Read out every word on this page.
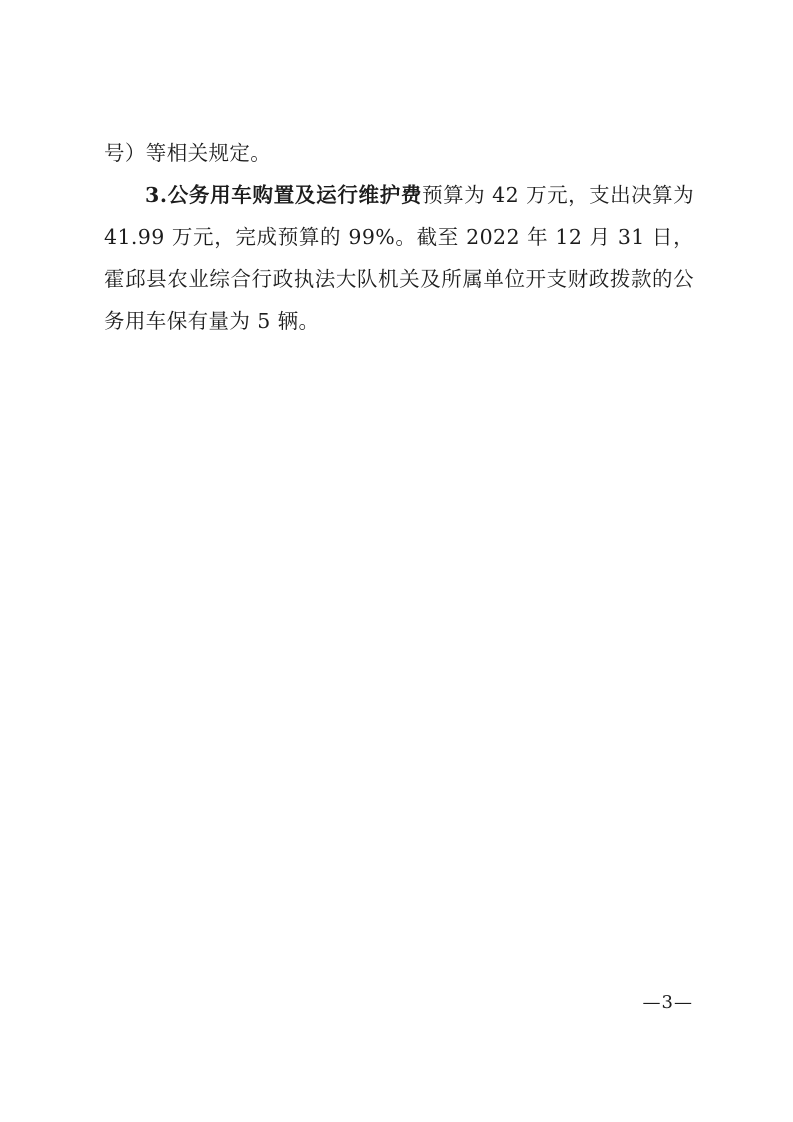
号）等相关规定。

3.公务用车购置及运行维护费预算为 42 万元，支出决算为 41.99 万元，完成预算的 99%。截至 2022 年 12 月 31 日，霍邱县农业综合行政执法大队机关及所属单位开支财政拨款的公务用车保有量为 5 辆。

—3—
